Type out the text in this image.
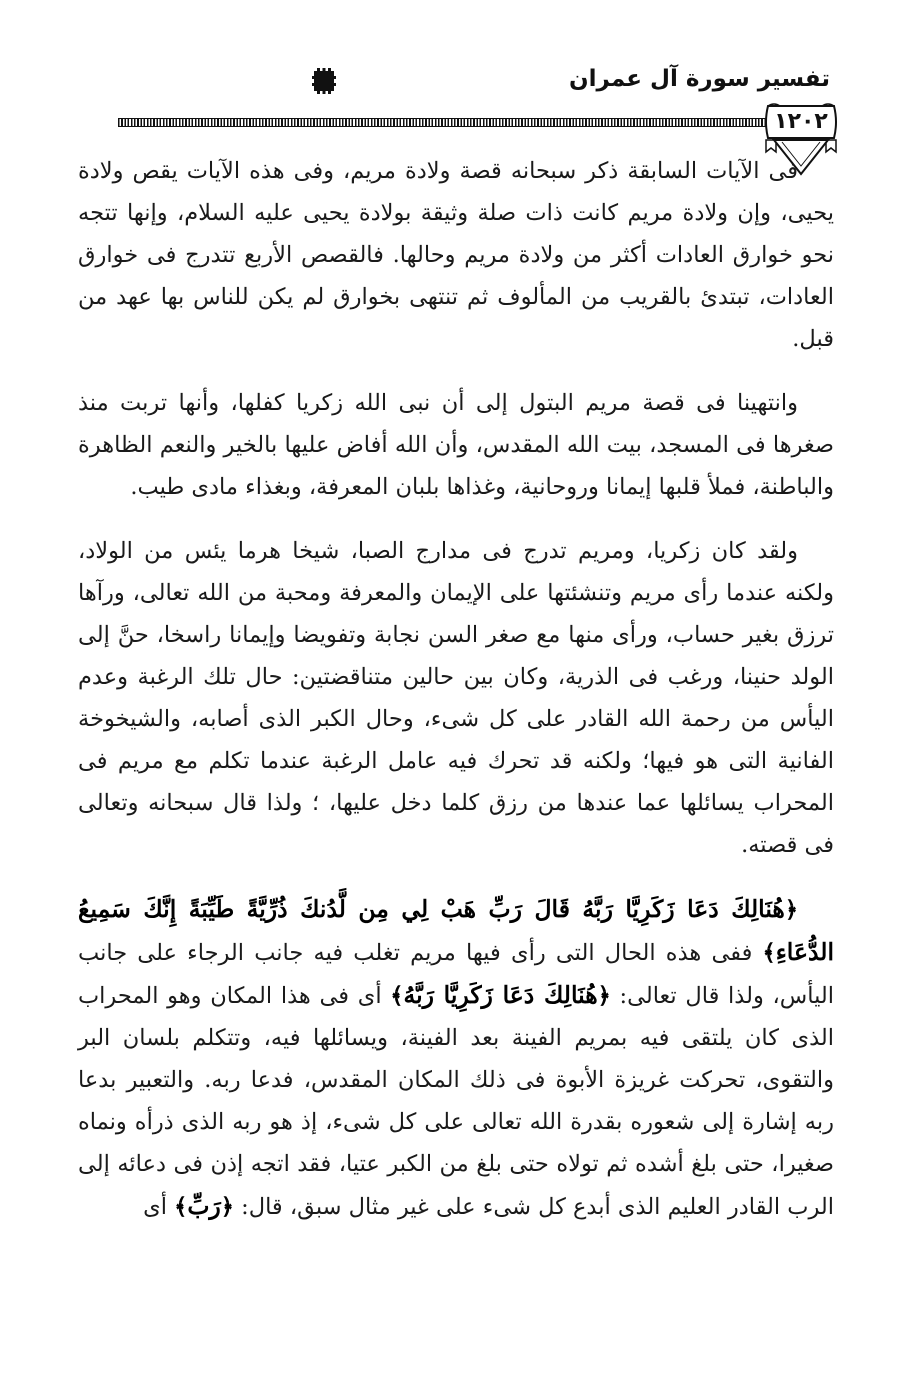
تفسير سورة آل عمران
١٢٠٢

فى الآيات السابقة ذكر سبحانه قصة ولادة مريم، وفى هذه الآيات يقص ولادة يحيى، وإن ولادة مريم كانت ذات صلة وثيقة بولادة يحيى عليه السلام، وإنها تتجه نحو خوارق العادات أكثر من ولادة مريم وحالها. فالقصص الأربع تتدرج فى خوارق العادات، تبتدئ بالقريب من المألوف ثم تنتهى بخوارق لم يكن للناس بها عهد من قبل.

وانتهينا فى قصة مريم البتول إلى أن نبى الله زكريا كفلها، وأنها تربت منذ صغرها فى المسجد، بيت الله المقدس، وأن الله أفاض عليها بالخير والنعم الظاهرة والباطنة، فملأ قلبها إيمانا وروحانية، وغذاها بلبان المعرفة، وبغذاء مادى طيب.

ولقد كان زكريا، ومريم تدرج فى مدارج الصبا، شيخا هرما يئس من الولاد، ولكنه عندما رأى مريم وتنشئتها على الإيمان والمعرفة ومحبة من الله تعالى، ورآها ترزق بغير حساب، ورأى منها مع صغر السن نجابة وتفويضا وإيمانا راسخا، حنَّ إلى الولد حنينا، ورغب فى الذرية، وكان بين حالين متناقضتين: حال تلك الرغبة وعدم اليأس من رحمة الله القادر على كل شىء، وحال الكبر الذى أصابه، والشيخوخة الفانية التى هو فيها؛ ولكنه قد تحرك فيه عامل الرغبة عندما تكلم مع مريم فى المحراب يسائلها عما عندها من رزق كلما دخل عليها، ؛ ولذا قال سبحانه وتعالى فى قصته.

﴿هُنَالِكَ دَعَا زَكَرِيَّا رَبَّهُ قَالَ رَبِّ هَبْ لِي مِن لَّدُنكَ ذُرِّيَّةً طَيِّبَةً إِنَّكَ سَمِيعُ الدُّعَاءِ﴾ ففى هذه الحال التى رأى فيها مريم تغلب فيه جانب الرجاء على جانب اليأس، ولذا قال تعالى: ﴿هُنَالِكَ دَعَا زَكَرِيَّا رَبَّهُ﴾ أى فى هذا المكان وهو المحراب الذى كان يلتقى فيه بمريم الفينة بعد الفينة، ويسائلها فيه، وتتكلم بلسان البر والتقوى، تحركت غريزة الأبوة فى ذلك المكان المقدس، فدعا ربه. والتعبير بدعا ربه إشارة إلى شعوره بقدرة الله تعالى على كل شىء، إذ هو ربه الذى ذرأه ونماه صغيرا، حتى بلغ أشده ثم تولاه حتى بلغ من الكبر عتيا، فقد اتجه إذن فى دعائه إلى الرب القادر العليم الذى أبدع كل شىء على غير مثال سبق، قال: ﴿رَبِّ﴾ أى
